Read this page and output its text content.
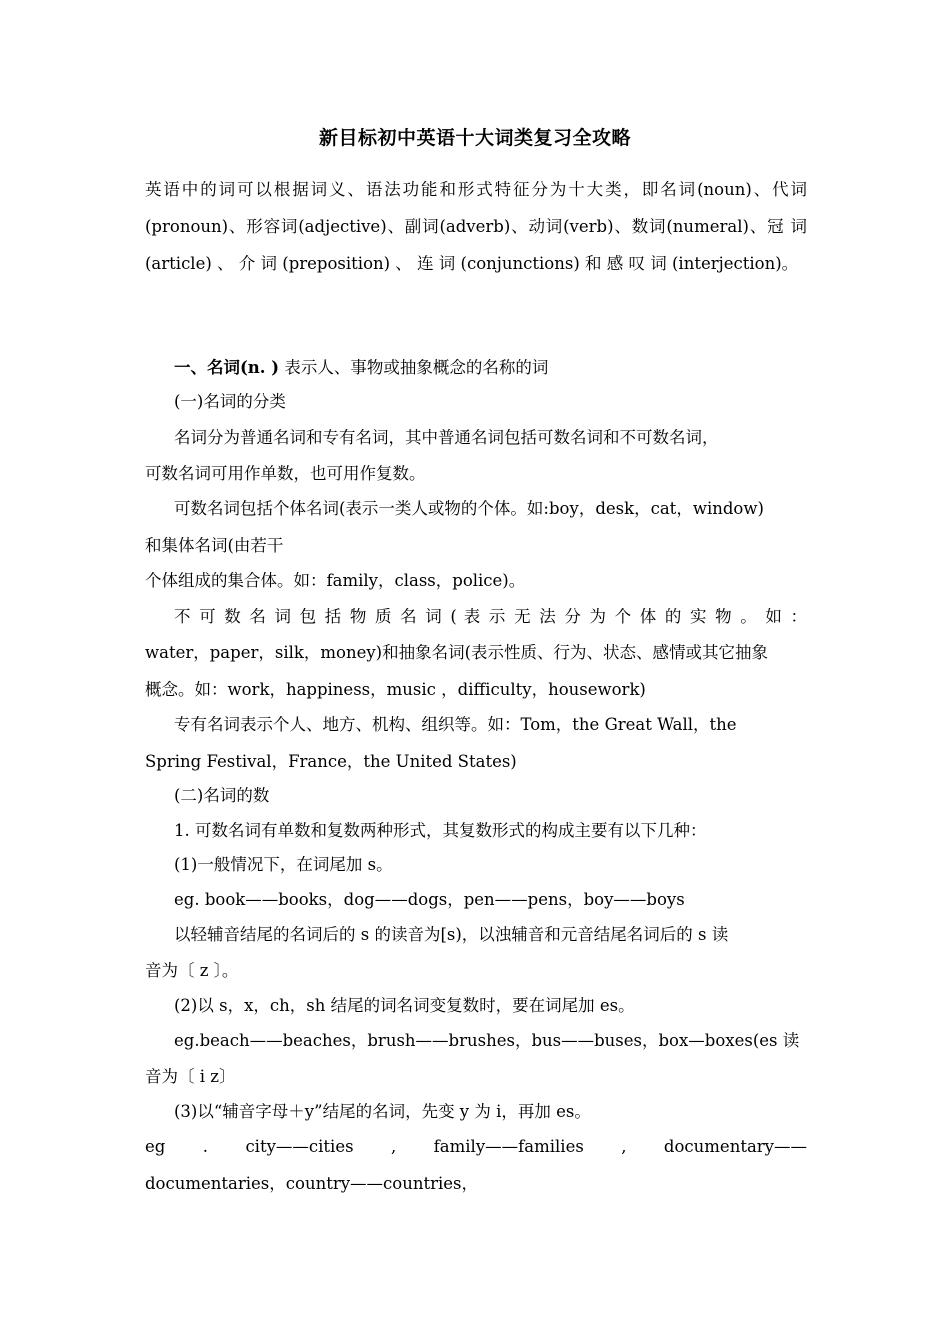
新目标初中英语十大词类复习全攻略
英语中的词可以根据词义、语法功能和形式特征分为十大类，即名词(noun)、代词(pronoun)、形容词(adjective)、副词(adverb)、动词(verb)、数词(numeral)、冠 词 (article) 、 介 词 (preposition) 、 连 词 (conjunctions) 和 感 叹 词 (interjection)。
一、名词(n. ) 表示人、事物或抽象概念的名称的词
(一)名词的分类
名词分为普通名词和专有名词，其中普通名词包括可数名词和不可数名词，
可数名词可用作单数，也可用作复数。
可数名词包括个体名词(表示一类人或物的个体。如:boy，desk，cat，window)
和集体名词(由若干
个体组成的集合体。如：family，class，police)。
不 可 数 名 词 包 括 物 质 名 词 ( 表 示 无 法 分 为 个 体 的 实 物 。 如 ：
water，paper，silk，money)和抽象名词(表示性质、行为、状态、感情或其它抽象
概念。如：work，happiness，music ，difficulty，housework)
专有名词表示个人、地方、机构、组织等。如：Tom，the Great Wall，the
Spring Festival，France，the United States)
(二)名词的数
1. 可数名词有单数和复数两种形式，其复数形式的构成主要有以下几种：
(1)一般情况下，在词尾加 s。
eg. book——books，dog——dogs，pen——pens，boy——boys
以轻辅音结尾的名词后的 s 的读音为[s)，以浊辅音和元音结尾名词后的 s 读
音为〔 z 〕。
(2)以 s，x，ch，sh 结尾的词名词变复数时，要在词尾加 es。
eg.beach——beaches，brush——brushes，bus——buses，box—boxes(es 读
音为〔 i z〕
(3)以“辅音字母＋y”结尾的名词，先变 y 为 i，再加 es。
eg . city——cities , family——families , documentary——
documentaries，country——countries，
